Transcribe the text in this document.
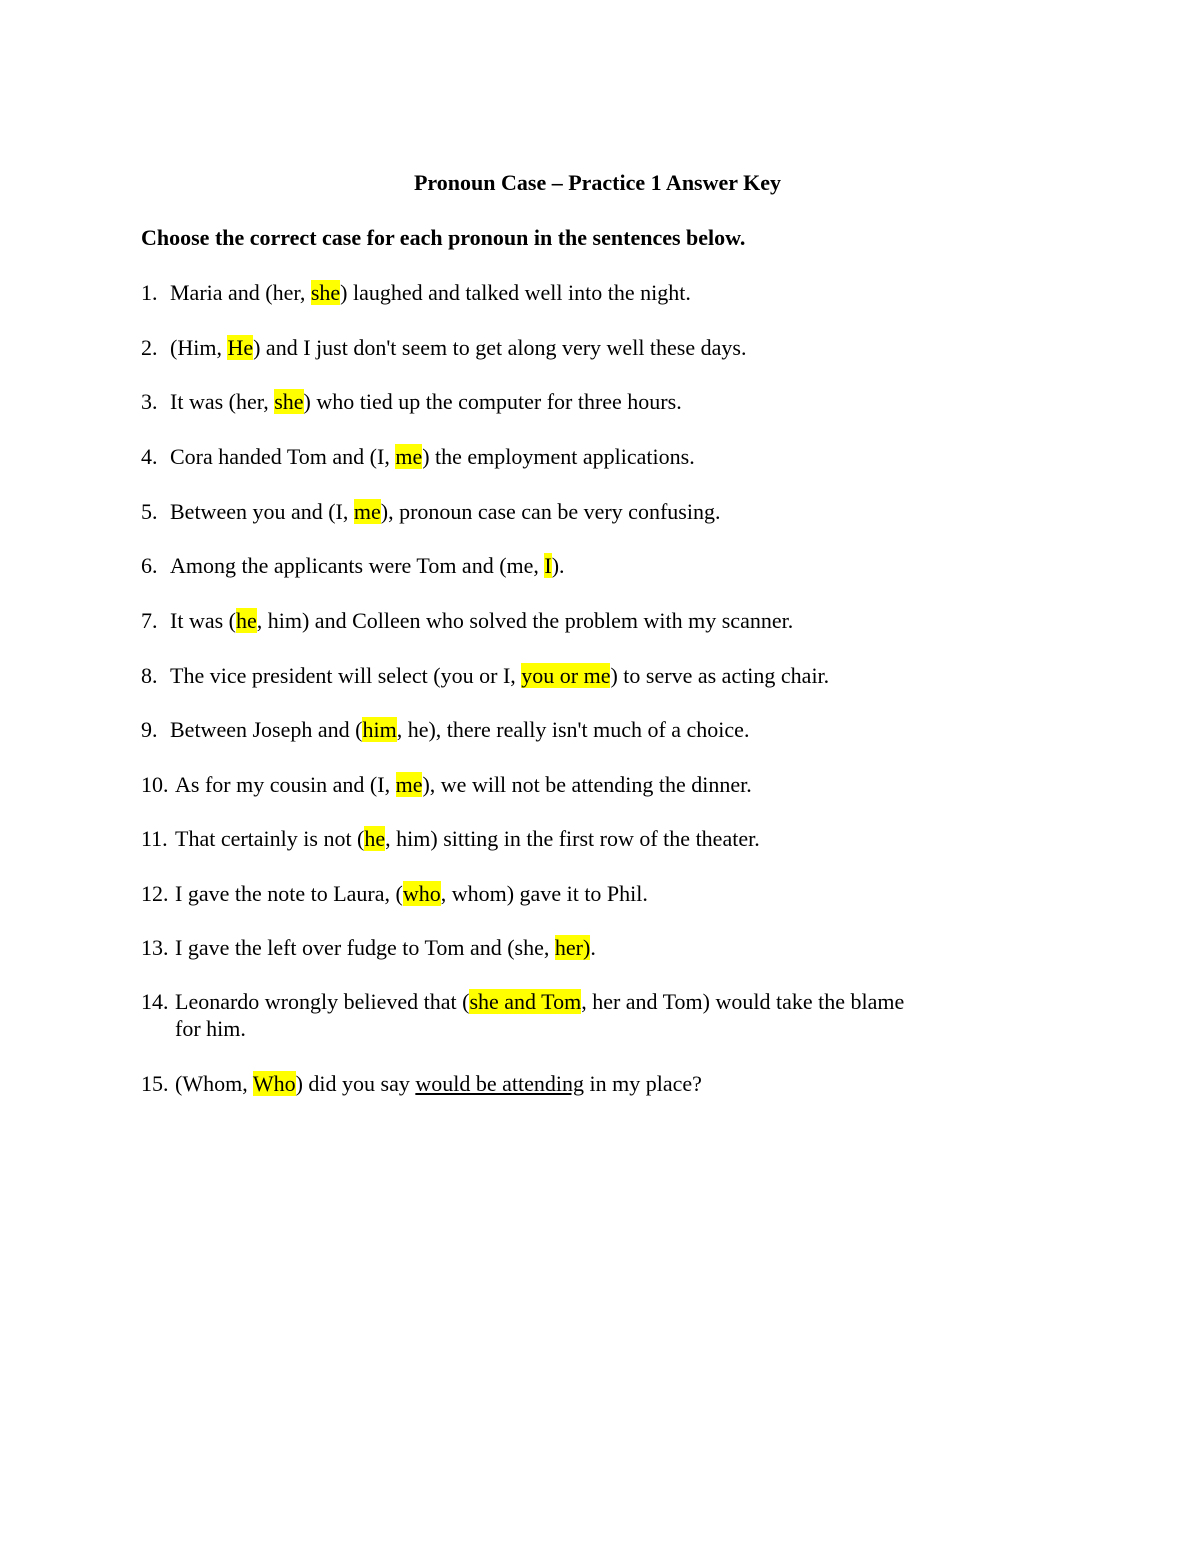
Pronoun Case – Practice 1 Answer Key
Choose the correct case for each pronoun in the sentences below.
1. Maria and (her, she) laughed and talked well into the night.
2. (Him, He) and I just don't seem to get along very well these days.
3. It was (her, she) who tied up the computer for three hours.
4. Cora handed Tom and (I, me) the employment applications.
5. Between you and (I, me), pronoun case can be very confusing.
6. Among the applicants were Tom and (me, I).
7. It was (he, him) and Colleen who solved the problem with my scanner.
8. The vice president will select (you or I, you or me) to serve as acting chair.
9. Between Joseph and (him, he), there really isn't much of a choice.
10. As for my cousin and (I, me), we will not be attending the dinner.
11. That certainly is not (he, him) sitting in the first row of the theater.
12. I gave the note to Laura, (who, whom) gave it to Phil.
13. I gave the left over fudge to Tom and (she, her).
14. Leonardo wrongly believed that (she and Tom, her and Tom) would take the blame
for him.
15. (Whom, Who) did you say would be attending in my place?
